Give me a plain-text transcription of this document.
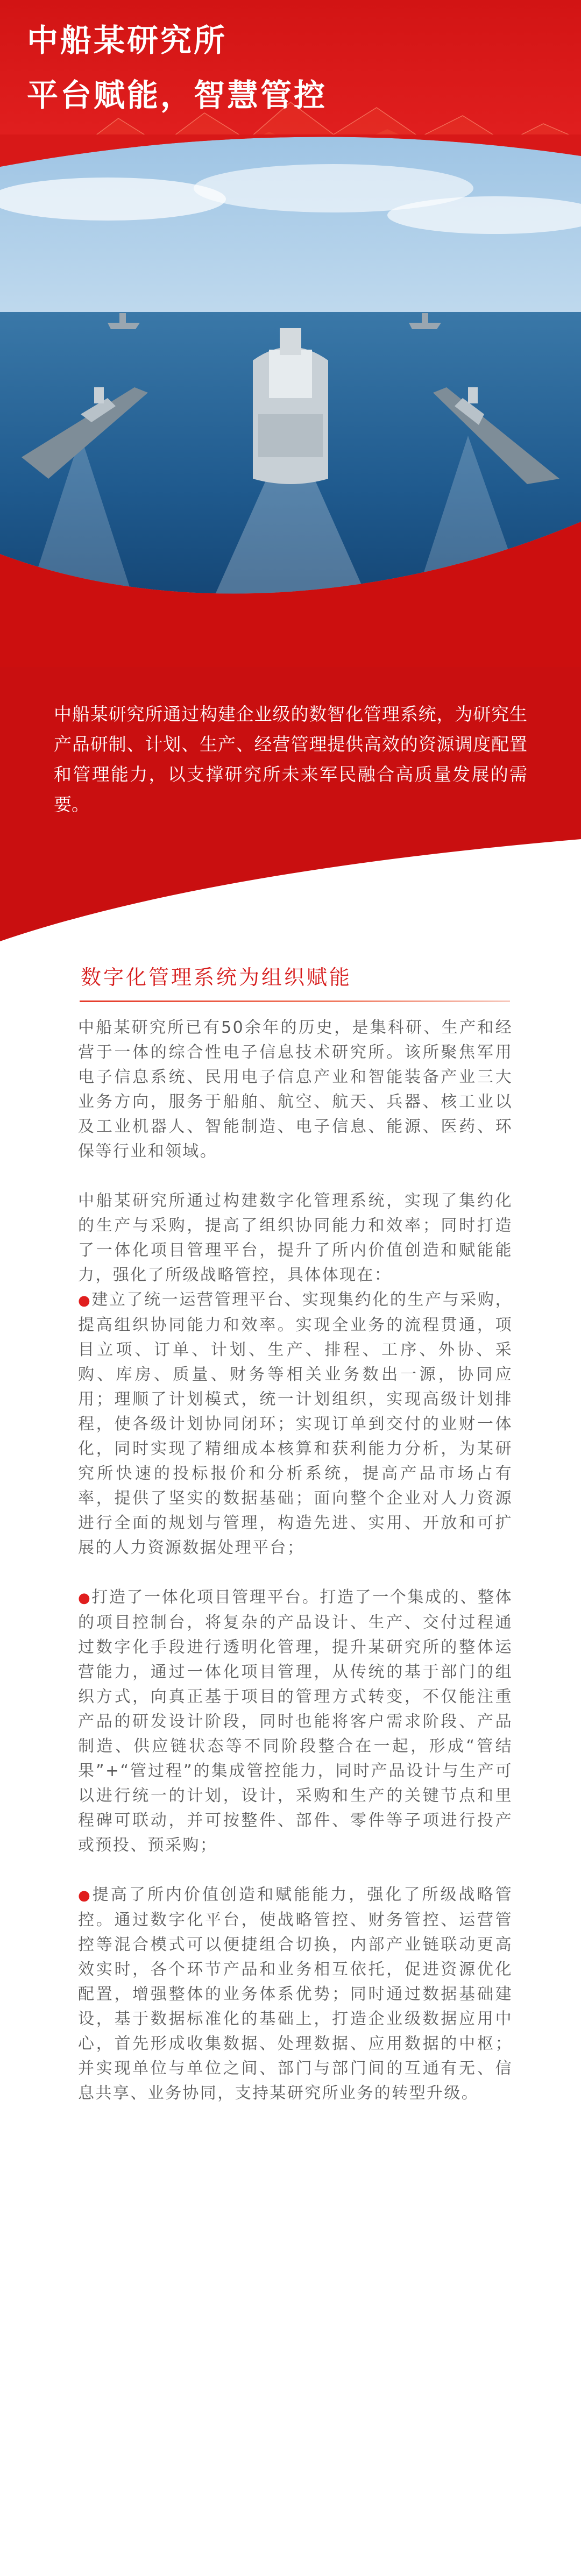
中船某研究所
平台赋能，智慧管控

中船某研究所通过构建企业级的数智化管理系统，为研究生产品研制、计划、生产、经营管理提供高效的资源调度配置和管理能力，以支撑研究所未来军民融合高质量发展的需要。

数字化管理系统为组织赋能

中船某研究所已有50余年的历史，是集科研、生产和经营于一体的综合性电子信息技术研究所。该所聚焦军用电子信息系统、民用电子信息产业和智能装备产业三大业务方向，服务于船舶、航空、航天、兵器、核工业以及工业机器人、智能制造、电子信息、能源、医药、环保等行业和领域。

中船某研究所通过构建数字化管理系统，实现了集约化的生产与采购，提高了组织协同能力和效率；同时打造了一体化项目管理平台，提升了所内价值创造和赋能能力，强化了所级战略管控，具体体现在：

●建立了统一运营管理平台、实现集约化的生产与采购，提高组织协同能力和效率。实现全业务的流程贯通，项目立项、订单、计划、生产、排程、工序、外协、采购、库房、质量、财务等相关业务数出一源，协同应用；理顺了计划模式，统一计划组织，实现高级计划排程，使各级计划协同闭环；实现订单到交付的业财一体化，同时实现了精细成本核算和获利能力分析，为某研究所快速的投标报价和分析系统，提高产品市场占有率，提供了坚实的数据基础；面向整个企业对人力资源进行全面的规划与管理，构造先进、实用、开放和可扩展的人力资源数据处理平台；

●打造了一体化项目管理平台。打造了一个集成的、整体的项目控制台，将复杂的产品设计、生产、交付过程通过数字化手段进行透明化管理，提升某研究所的整体运营能力，通过一体化项目管理，从传统的基于部门的组织方式，向真正基于项目的管理方式转变，不仅能注重产品的研发设计阶段，同时也能将客户需求阶段、产品制造、供应链状态等不同阶段整合在一起，形成“管结果”+“管过程”的集成管控能力，同时产品设计与生产可以进行统一的计划，设计，采购和生产的关键节点和里程碑可联动，并可按整件、部件、零件等子项进行投产或预投、预采购；

●提高了所内价值创造和赋能能力，强化了所级战略管控。通过数字化平台，使战略管控、财务管控、运营管控等混合模式可以便捷组合切换，内部产业链联动更高效实时，各个环节产品和业务相互依托，促进资源优化配置，增强整体的业务体系优势；同时通过数据基础建设，基于数据标准化的基础上，打造企业级数据应用中心，首先形成收集数据、处理数据、应用数据的中枢；并实现单位与单位之间、部门与部门间的互通有无、信息共享、业务协同，支持某研究所业务的转型升级。
